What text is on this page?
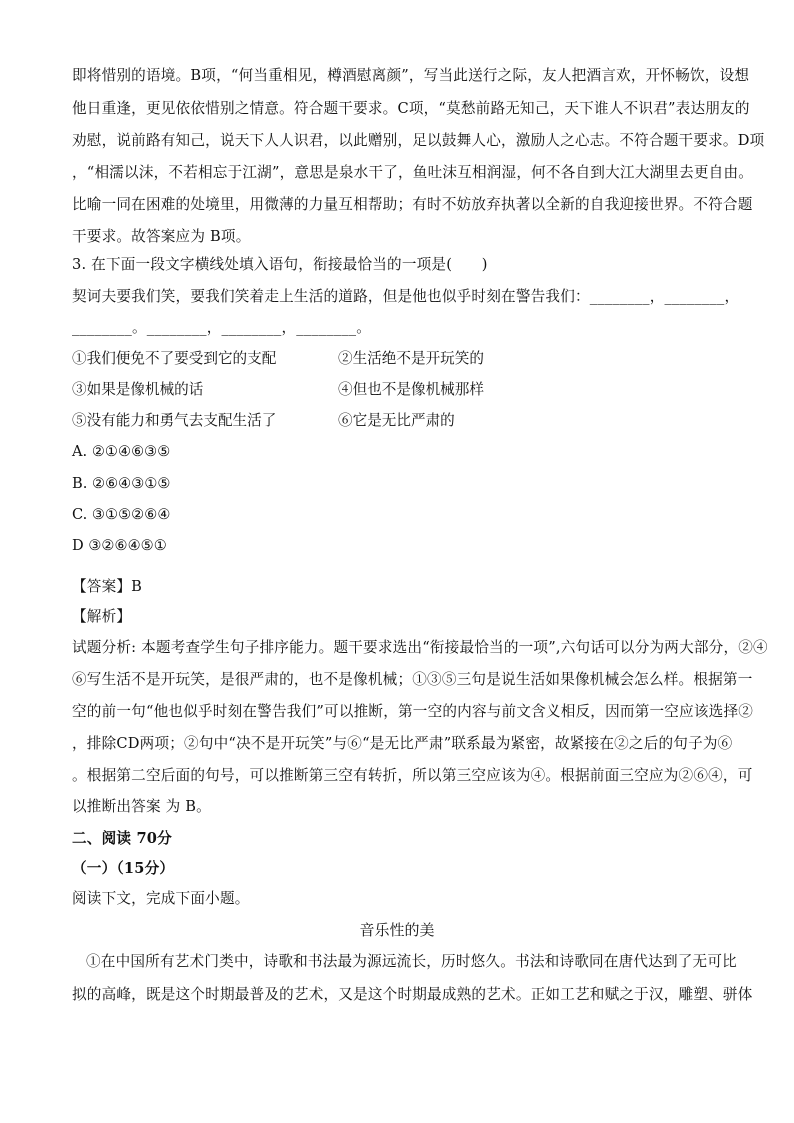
即将惜别的语境。B项，“何当重相见，樽酒慰离颜”，写当此送行之际，友人把酒言欢，开怀畅饮，设想
他日重逢，更见依依惜别之情意。符合题干要求。C项，“莫愁前路无知己，天下谁人不识君”表达朋友的
劝慰，说前路有知己，说天下人人识君，以此赠别，足以鼓舞人心，激励人之心志。不符合题干要求。D项
，“相濡以沫，不若相忘于江湖”，意思是泉水干了，鱼吐沫互相润湿，何不各自到大江大湖里去更自由。
比喻一同在困难的处境里，用微薄的力量互相帮助；有时不妨放弃执著以全新的自我迎接世界。不符合题
干要求。故答案应为 B项。
3. 在下面一段文字横线处填入语句，衔接最恰当的一项是(　　)
契诃夫要我们笑，要我们笑着走上生活的道路，但是他也似乎时刻在警告我们：________，________，
________。________，________，________。
①我们便免不了要受到它的支配	②生活绝不是开玩笑的
③如果是像机械的话	④但也不是像机械那样
⑤没有能力和勇气去支配生活了	⑥它是无比严肃的
A. ②①④⑥③⑤
B. ②⑥④③①⑤
C. ③①⑤②⑥④
D ③②⑥④⑤①
【答案】B
【解析】
试题分析: 本题考查学生句子排序能力。题干要求选出“衔接最恰当的一项”,六句话可以分为两大部分，②④
⑥写生活不是开玩笑，是很严肃的，也不是像机械；①③⑤三句是说生活如果像机械会怎么样。根据第一
空的前一句“他也似乎时刻在警告我们”可以推断，第一空的内容与前文含义相反，因而第一空应该选择②
，排除CD两项；②句中“决不是开玩笑”与⑥“是无比严肃”联系最为紧密，故紧接在②之后的句子为⑥
。根据第二空后面的句号，可以推断第三空有转折，所以第三空应该为④。根据前面三空应为②⑥④，可
以推断出答案 为 B。
二、阅读 70分
（一）（15分）
阅读下文，完成下面小题。
音乐性的美
①在中国所有艺术门类中，诗歌和书法最为源远流长，历时悠久。书法和诗歌同在唐代达到了无可比
拟的高峰，既是这个时期最普及的艺术，又是这个时期最成熟的艺术。正如工艺和赋之于汉，雕塑、骈体
